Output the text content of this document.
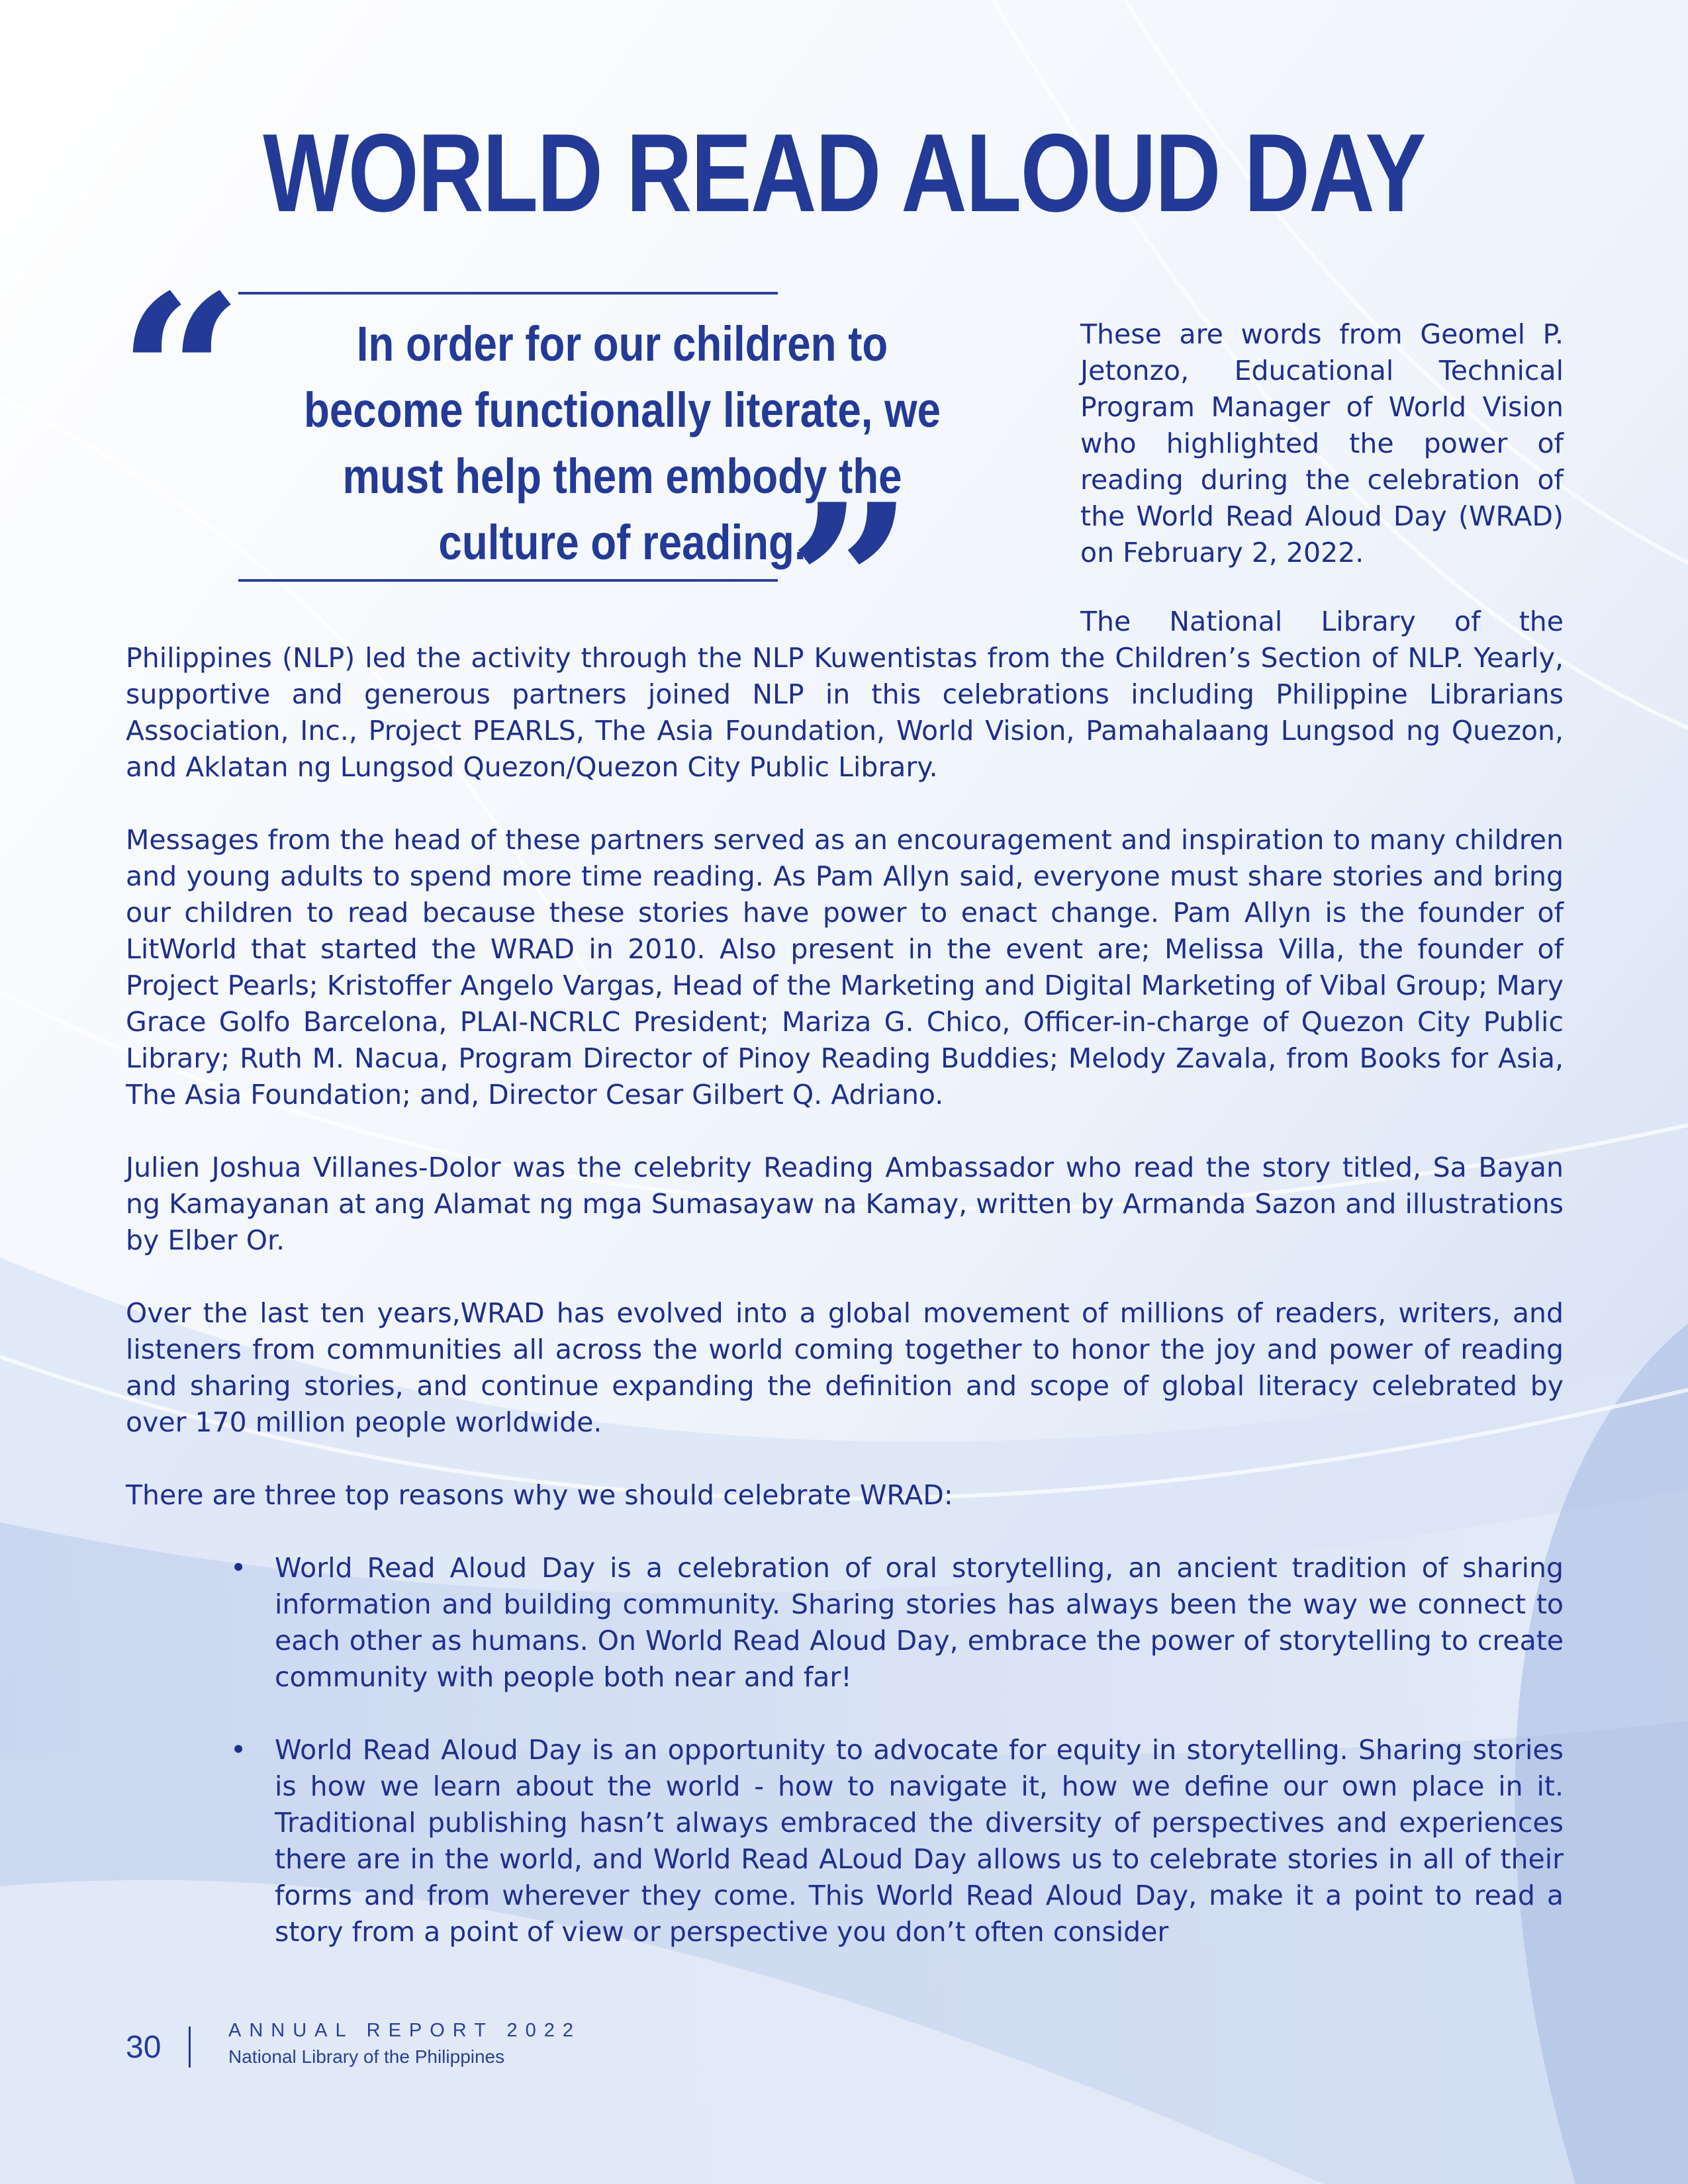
WORLD READ ALOUD DAY
“
”

In order for our children to become functionally literate, we must help them embody the culture of reading.

These are words from Geomel P. Jetonzo, Educational Technical Program Manager of World Vision who highlighted the power of reading during the celebration of the World Read Aloud Day (WRAD) on February 2, 2022.

The National Library of the Philippines (NLP) led the activity through the NLP Kuwentistas from the Children’s Section of NLP. Yearly, supportive and generous partners joined NLP in this celebrations including Philippine Librarians Association, Inc., Project PEARLS, The Asia Foundation, World Vision, Pamahalaang Lungsod ng Quezon, and Aklatan ng Lungsod Quezon/Quezon City Public Library.

Messages from the head of these partners served as an encouragement and inspiration to many children and young adults to spend more time reading. As Pam Allyn said, everyone must share stories and bring our children to read because these stories have power to enact change. Pam Allyn is the founder of LitWorld that started the WRAD in 2010. Also present in the event are; Melissa Villa, the founder of Project Pearls; Kristoffer Angelo Vargas, Head of the Marketing and Digital Marketing of Vibal Group; Mary Grace Golfo Barcelona, PLAI-NCRLC President; Mariza G. Chico, Officer-in-charge of Quezon City Public Library; Ruth M. Nacua, Program Director of Pinoy Reading Buddies; Melody Zavala, from Books for Asia, The Asia Foundation; and, Director Cesar Gilbert Q. Adriano.

Julien Joshua Villanes-Dolor was the celebrity Reading Ambassador who read the story titled, Sa Bayan ng Kamayanan at ang Alamat ng mga Sumasayaw na Kamay, written by Armanda Sazon and illustrations by Elber Or.

Over the last ten years,WRAD has evolved into a global movement of millions of readers, writers, and listeners from communities all across the world coming together to honor the joy and power of reading and sharing stories, and continue expanding the definition and scope of global literacy celebrated by over 170 million people worldwide.

There are three top reasons why we should celebrate WRAD:

• World Read Aloud Day is a celebration of oral storytelling, an ancient tradition of sharing information and building community. Sharing stories has always been the way we connect to each other as humans. On World Read Aloud Day, embrace the power of storytelling to create community with people both near and far!
• World Read Aloud Day is an opportunity to advocate for equity in storytelling. Sharing stories is how we learn about the world - how to navigate it, how we define our own place in it. Traditional publishing hasn’t always embraced the diversity of perspectives and experiences there are in the world, and World Read ALoud Day allows us to celebrate stories in all of their forms and from wherever they come. This World Read Aloud Day, make it a point to read a story from a point of view or perspective you don’t often consider
30	ANNUAL REPORT 2022
National Library of the Philippines
